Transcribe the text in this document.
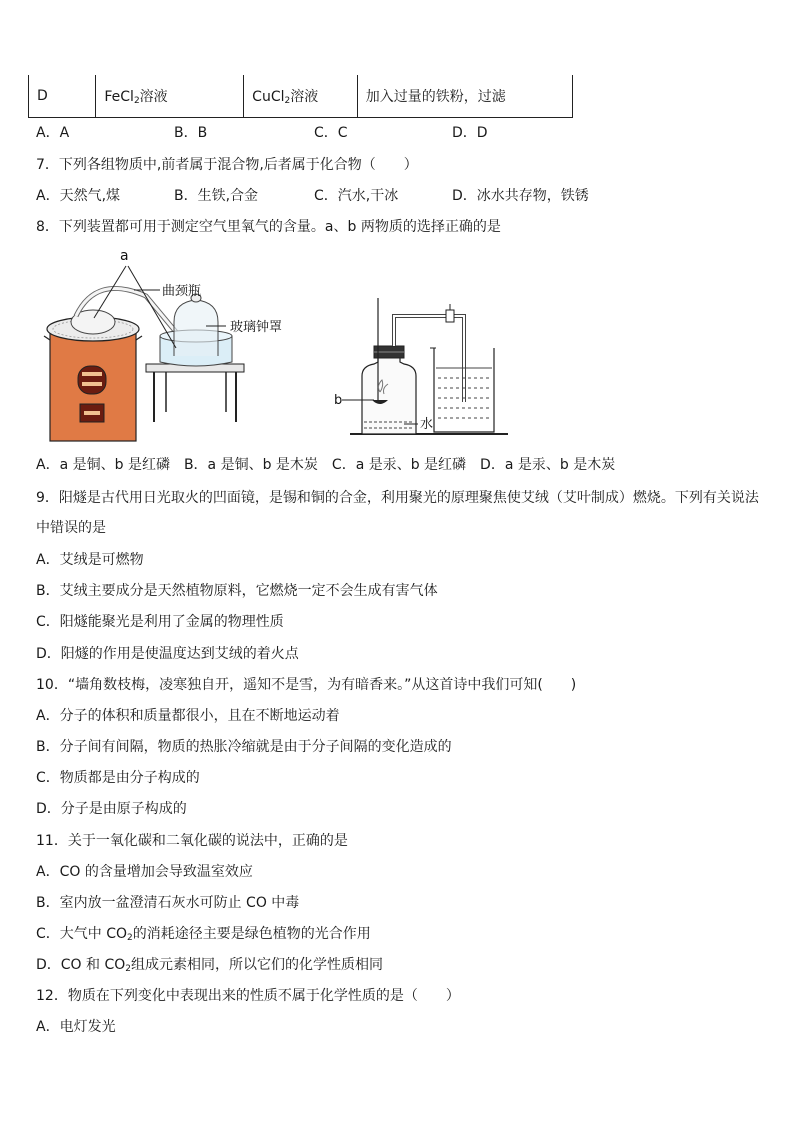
D	FeCl$_2$溶液	CuCl$_2$溶液	加入过量的铁粉，过滤
A．A	B．B	C．C	D．D
7．下列各组物质中,前者属于混合物,后者属于化合物（　　）
A．天然气,煤	B．生铁,合金	C．汽水,干冰	D．冰水共存物，铁锈
8．下列装置都可用于测定空气里氧气的含量。a、b 两物质的选择正确的是
a
曲颈瓶
玻璃钟罩
b
水
A．a 是铜、b 是红磷　B．a 是铜、b 是木炭　C．a 是汞、b 是红磷　D．a 是汞、b 是木炭
9．阳燧是古代用日光取火的凹面镜，是锡和铜的合金，利用聚光的原理聚焦使艾绒（艾叶制成）燃烧。下列有关说法
中错误的是
A．艾绒是可燃物
B．艾绒主要成分是天然植物原料，它燃烧一定不会生成有害气体
C．阳燧能聚光是利用了金属的物理性质
D．阳燧的作用是使温度达到艾绒的着火点
10．“墙角数枝梅，凌寒独自开，遥知不是雪，为有暗香来。”从这首诗中我们可知(　　)
A．分子的体积和质量都很小，且在不断地运动着
B．分子间有间隔，物质的热胀冷缩就是由于分子间隔的变化造成的
C．物质都是由分子构成的
D．分子是由原子构成的
11．关于一氧化碳和二氧化碳的说法中，正确的是
A．CO 的含量增加会导致温室效应
B．室内放一盆澄清石灰水可防止 CO 中毒
C．大气中 $CO_2$的消耗途径主要是绿色植物的光合作用
D．CO 和 $CO_2$组成元素相同，所以它们的化学性质相同
12．物质在下列变化中表现出来的性质不属于化学性质的是（　　）
A．电灯发光
